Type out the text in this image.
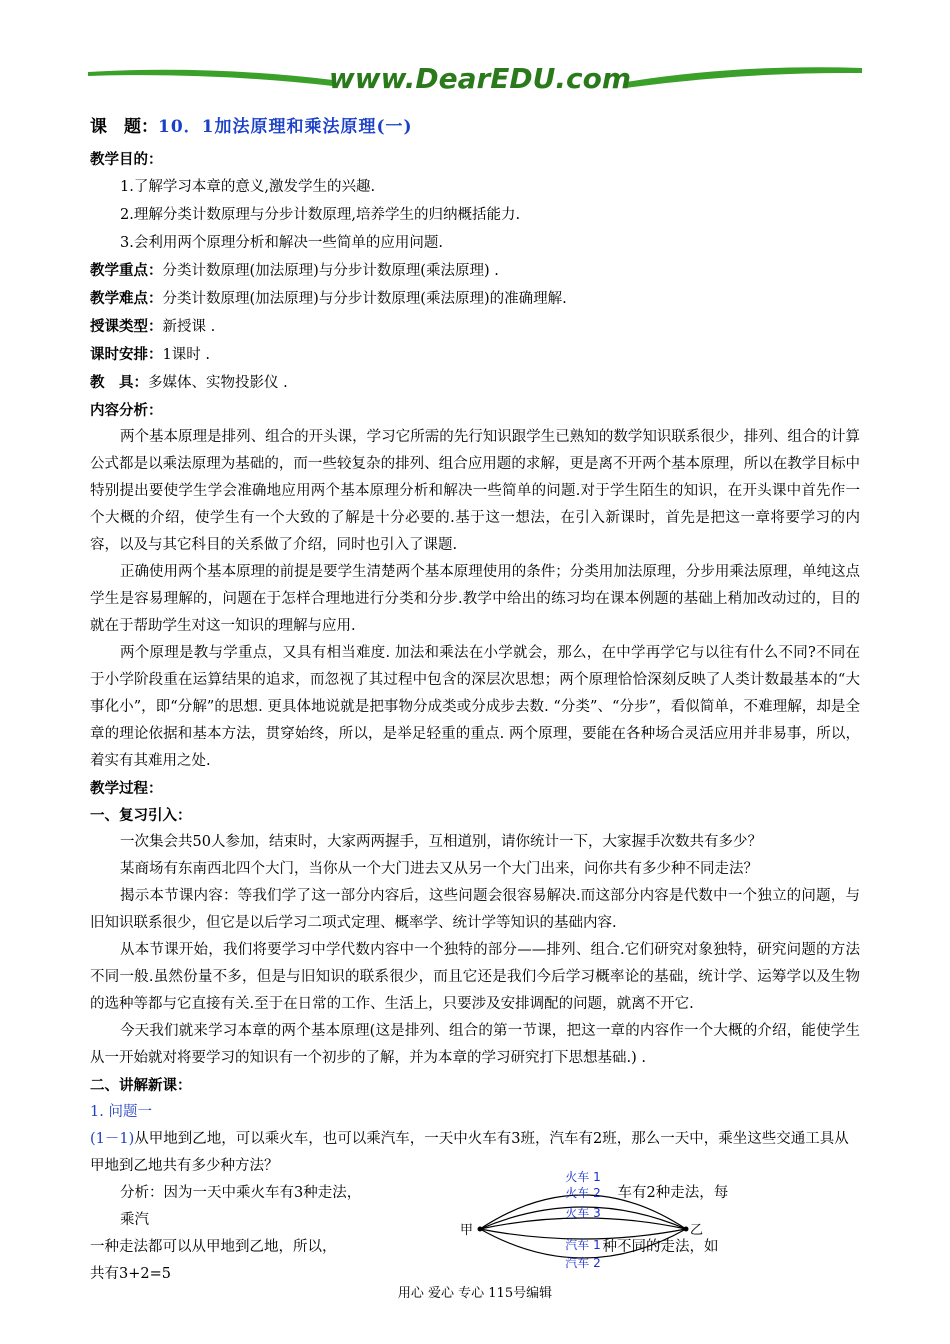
www.DearEDU.com
课　题：10．1加法原理和乘法原理(一)
教学目的：
1.了解学习本章的意义,激发学生的兴趣.
2.理解分类计数原理与分步计数原理,培养学生的归纳概括能力.
3.会利用两个原理分析和解决一些简单的应用问题.
教学重点：分类计数原理(加法原理)与分步计数原理(乘法原理) .
教学难点：分类计数原理(加法原理)与分步计数原理(乘法原理)的准确理解.
授课类型：新授课 .
课时安排：1课时 .
教　具：多媒体、实物投影仪 .
内容分析：
两个基本原理是排列、组合的开头课，学习它所需的先行知识跟学生已熟知的数学知识联系很少，排列、组合的计算公式都是以乘法原理为基础的，而一些较复杂的排列、组合应用题的求解，更是离不开两个基本原理，所以在教学目标中特别提出要使学生学会准确地应用两个基本原理分析和解决一些简单的问题.对于学生陌生的知识，在开头课中首先作一个大概的介绍，使学生有一个大致的了解是十分必要的.基于这一想法，在引入新课时，首先是把这一章将要学习的内容，以及与其它科目的关系做了介绍，同时也引入了课题.
正确使用两个基本原理的前提是要学生清楚两个基本原理使用的条件；分类用加法原理，分步用乘法原理，单纯这点学生是容易理解的，问题在于怎样合理地进行分类和分步.教学中给出的练习均在课本例题的基础上稍加改动过的，目的就在于帮助学生对这一知识的理解与应用.
两个原理是教与学重点，又具有相当难度. 加法和乘法在小学就会，那么，在中学再学它与以往有什么不同?不同在于小学阶段重在运算结果的追求，而忽视了其过程中包含的深层次思想；两个原理恰恰深刻反映了人类计数最基本的“大事化小”，即“分解”的思想. 更具体地说就是把事物分成类或分成步去数. “分类”、“分步”，看似简单，不难理解，却是全章的理论依据和基本方法，贯穿始终，所以，是举足轻重的重点. 两个原理，要能在各种场合灵活应用并非易事，所以，着实有其难用之处.
教学过程：
一、复习引入：
一次集会共50人参加，结束时，大家两两握手，互相道别，请你统计一下，大家握手次数共有多少？
某商场有东南西北四个大门，当你从一个大门进去又从另一个大门出来，问你共有多少种不同走法？
揭示本节课内容：等我们学了这一部分内容后，这些问题会很容易解决.而这部分内容是代数中一个独立的问题，与旧知识联系很少，但它是以后学习二项式定理、概率学、统计学等知识的基础内容.
从本节课开始，我们将要学习中学代数内容中一个独特的部分——排列、组合.它们研究对象独特，研究问题的方法不同一般.虽然份量不多，但是与旧知识的联系很少，而且它还是我们今后学习概率论的基础，统计学、运筹学以及生物的选种等都与它直接有关.至于在日常的工作、生活上，只要涉及安排调配的问题，就离不开它.
今天我们就来学习本章的两个基本原理(这是排列、组合的第一节课，把这一章的内容作一个大概的介绍，能使学生从一开始就对将要学习的知识有一个初步的了解，并为本章的学习研究打下思想基础.) .
二、讲解新课：
1. 问题一
(1－1)从甲地到乙地，可以乘火车，也可以乘汽车，一天中火车有3班，汽车有2班，那么一天中，乘坐这些交通工具从甲地到乙地共有多少种方法？
分析：因为一天中乘火车有3种走法，乘汽
车有2种走法，每
一种走法都可以从甲地到乙地，所以，共有3+2=5
种不同的走法，如
甲	乙
火车 1
火车 2
火车 3
汽车 1
汽车 2
用心 爱心 专心 115号编辑
